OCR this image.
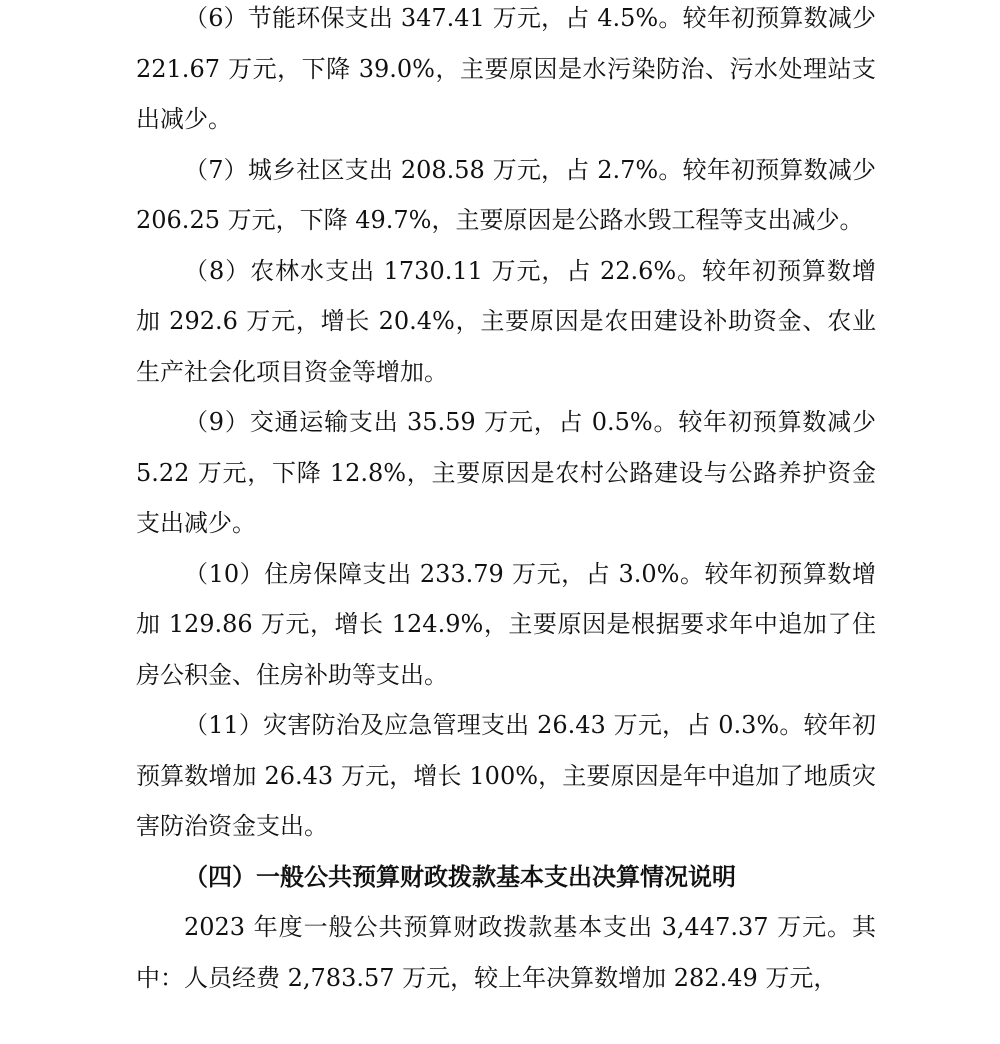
（6）节能环保支出 347.41 万元，占 4.5%。较年初预算数减少 221.67 万元，下降 39.0%，主要原因是水污染防治、污水处理站支出减少。

（7）城乡社区支出 208.58 万元，占 2.7%。较年初预算数减少 206.25 万元，下降 49.7%，主要原因是公路水毁工程等支出减少。

（8）农林水支出 1730.11 万元，占 22.6%。较年初预算数增加 292.6 万元，增长 20.4%，主要原因是农田建设补助资金、农业生产社会化项目资金等增加。

（9）交通运输支出 35.59 万元，占 0.5%。较年初预算数减少 5.22 万元，下降 12.8%，主要原因是农村公路建设与公路养护资金支出减少。

（10）住房保障支出 233.79 万元，占 3.0%。较年初预算数增加 129.86 万元，增长 124.9%，主要原因是根据要求年中追加了住房公积金、住房补助等支出。

（11）灾害防治及应急管理支出 26.43 万元，占 0.3%。较年初预算数增加 26.43 万元，增长 100%，主要原因是年中追加了地质灾害防治资金支出。

（四）一般公共预算财政拨款基本支出决算情况说明

2023 年度一般公共预算财政拨款基本支出 3,447.37 万元。其中：人员经费 2,783.57 万元，较上年决算数增加 282.49 万元，
